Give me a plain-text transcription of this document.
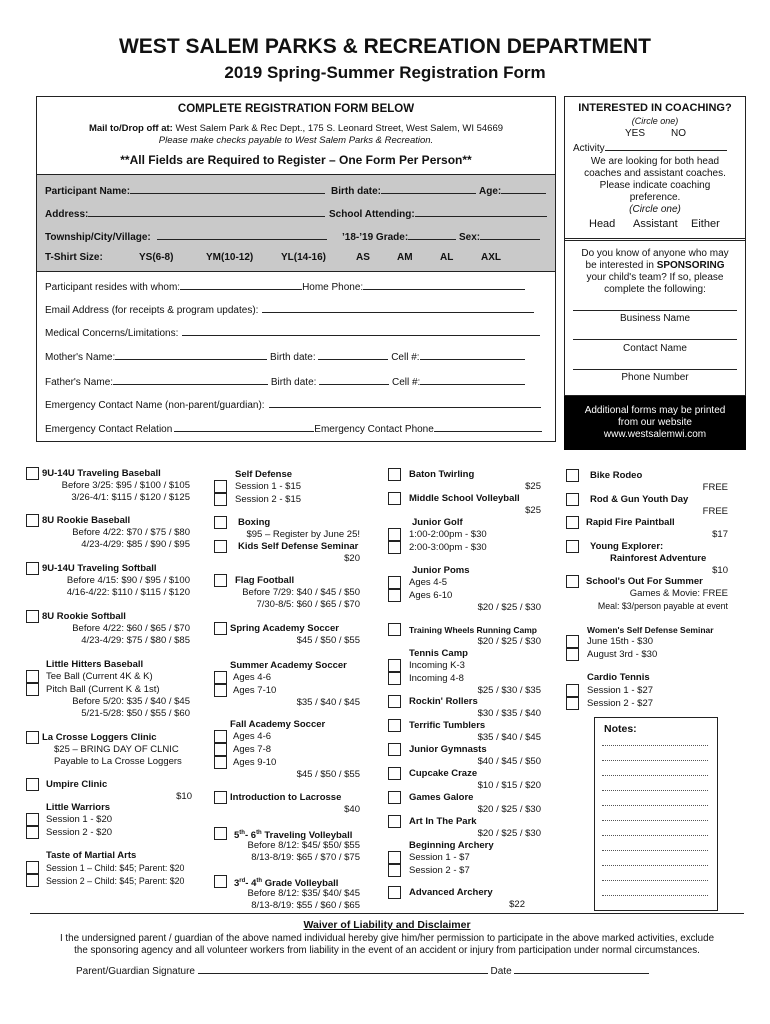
WEST SALEM PARKS & RECREATION DEPARTMENT
2019 Spring-Summer Registration Form
COMPLETE REGISTRATION FORM BELOW
Mail to/Drop off at: West Salem Park & Rec Dept., 175 S. Leonard Street, West Salem, WI 54669
Please make checks payable to West Salem Parks & Recreation.
**All Fields are Required to Register – One Form Per Person**
Participant Name:	Birth date:	Age:
Address:	School Attending:
Township/City/Village:	’18-’19 Grade:	Sex:
T-Shirt Size:	YS(6-8)	YM(10-12)	YL(14-16)	AS	AM	AL	AXL
Participant resides with whom:	Home Phone:
Email Address (for receipts & program updates):
Medical Concerns/Limitations:
Mother's Name:	Birth date:	Cell #:
Father's Name:	Birth date:	Cell #:
Emergency Contact Name (non-parent/guardian):
Emergency Contact Relation	Emergency Contact Phone
INTERESTED IN COACHING?
(Circle one)
YES	NO
Activity
We are looking for both head
coaches and assistant coaches.
Please indicate coaching
preference.
(Circle one)
Head Assistant Either
Do you know of anyone who may
be interested in SPONSORING
your child's team? If so, please
complete the following:
Business Name
Contact Name
Phone Number
Additional forms may be printed
from our website
www.westsalemwi.com
9U-14U Traveling Baseball
Before 3/25: $95 / $100 / $105
3/26-4/1: $115 / $120 / $125
8U Rookie Baseball
Before 4/22: $70 / $75 / $80
4/23-4/29: $85 / $90 / $95
9U-14U Traveling Softball
Before 4/15: $90 / $95 / $100
4/16-4/22: $110 / $115 / $120
8U Rookie Softball
Before 4/22: $60 / $65 / $70
4/23-4/29: $75 / $80 / $85
Little Hitters Baseball
Tee Ball (Current 4K & K)
Pitch Ball (Current K & 1st)
Before 5/20: $35 / $40 / $45
5/21-5/28: $50 / $55 / $60
La Crosse Loggers Clinic
$25 – BRING DAY OF CLNIC
Payable to La Crosse Loggers
Umpire Clinic
$10
Little Warriors
Session 1 - $20
Session 2 - $20
Taste of Martial Arts
Session 1 – Child: $45; Parent: $20
Session 2 – Child: $45; Parent: $20
Self Defense
Session 1 - $15
Session 2 - $15
Boxing
$95 – Register by June 25!
Kids Self Defense Seminar
$20
Flag Football
Before 7/29: $40 / $45 / $50
7/30-8/5: $60 / $65 / $70
Spring Academy Soccer
$45 / $50 / $55
Summer Academy Soccer
Ages 4-6
Ages 7-10
$35 / $40 / $45
Fall Academy Soccer
Ages 4-6
Ages 7-8
Ages 9-10
$45 / $50 / $55
Introduction to Lacrosse
$40
5th- 6th Traveling Volleyball
Before 8/12: $45/ $50/ $55
8/13-8/19: $65 / $70 / $75
3rd- 4th Grade Volleyball
Before 8/12: $35/ $40/ $45
8/13-8/19: $55 / $60 / $65
Baton Twirling
$25
Middle School Volleyball
$25
Junior Golf
1:00-2:00pm - $30
2:00-3:00pm - $30
Junior Poms
Ages 4-5
Ages 6-10
$20 / $25 / $30
Training Wheels Running Camp
$20 / $25 / $30
Tennis Camp
Incoming K-3
Incoming 4-8
$25 / $30 / $35
Rockin' Rollers
$30 / $35 / $40
Terrific Tumblers
$35 / $40 / $45
Junior Gymnasts
$40 / $45 / $50
Cupcake Craze
$10 / $15 / $20
Games Galore
$20 / $25 / $30
Art In The Park
$20 / $25 / $30
Beginning Archery
Session 1 - $7
Session 2 - $7
Advanced Archery
$22
Bike Rodeo
FREE
Rod & Gun Youth Day
FREE
Rapid Fire Paintball
$17
Young Explorer:
Rainforest Adventure
$10
School's Out For Summer
Games & Movie: FREE
Meal: $3/person payable at event
Women's Self Defense Seminar
June 15th - $30
August 3rd - $30
Cardio Tennis
Session 1 - $27
Session 2 - $27
Notes:
Waiver of Liability and Disclaimer
I the undersigned parent / guardian of the above named individual hereby give him/her permission to participate in the above marked activities, exclude
the sponsoring agency and all volunteer workers from liability in the event of an accident or injury from participation under normal circumstances.
Parent/Guardian Signature	Date
